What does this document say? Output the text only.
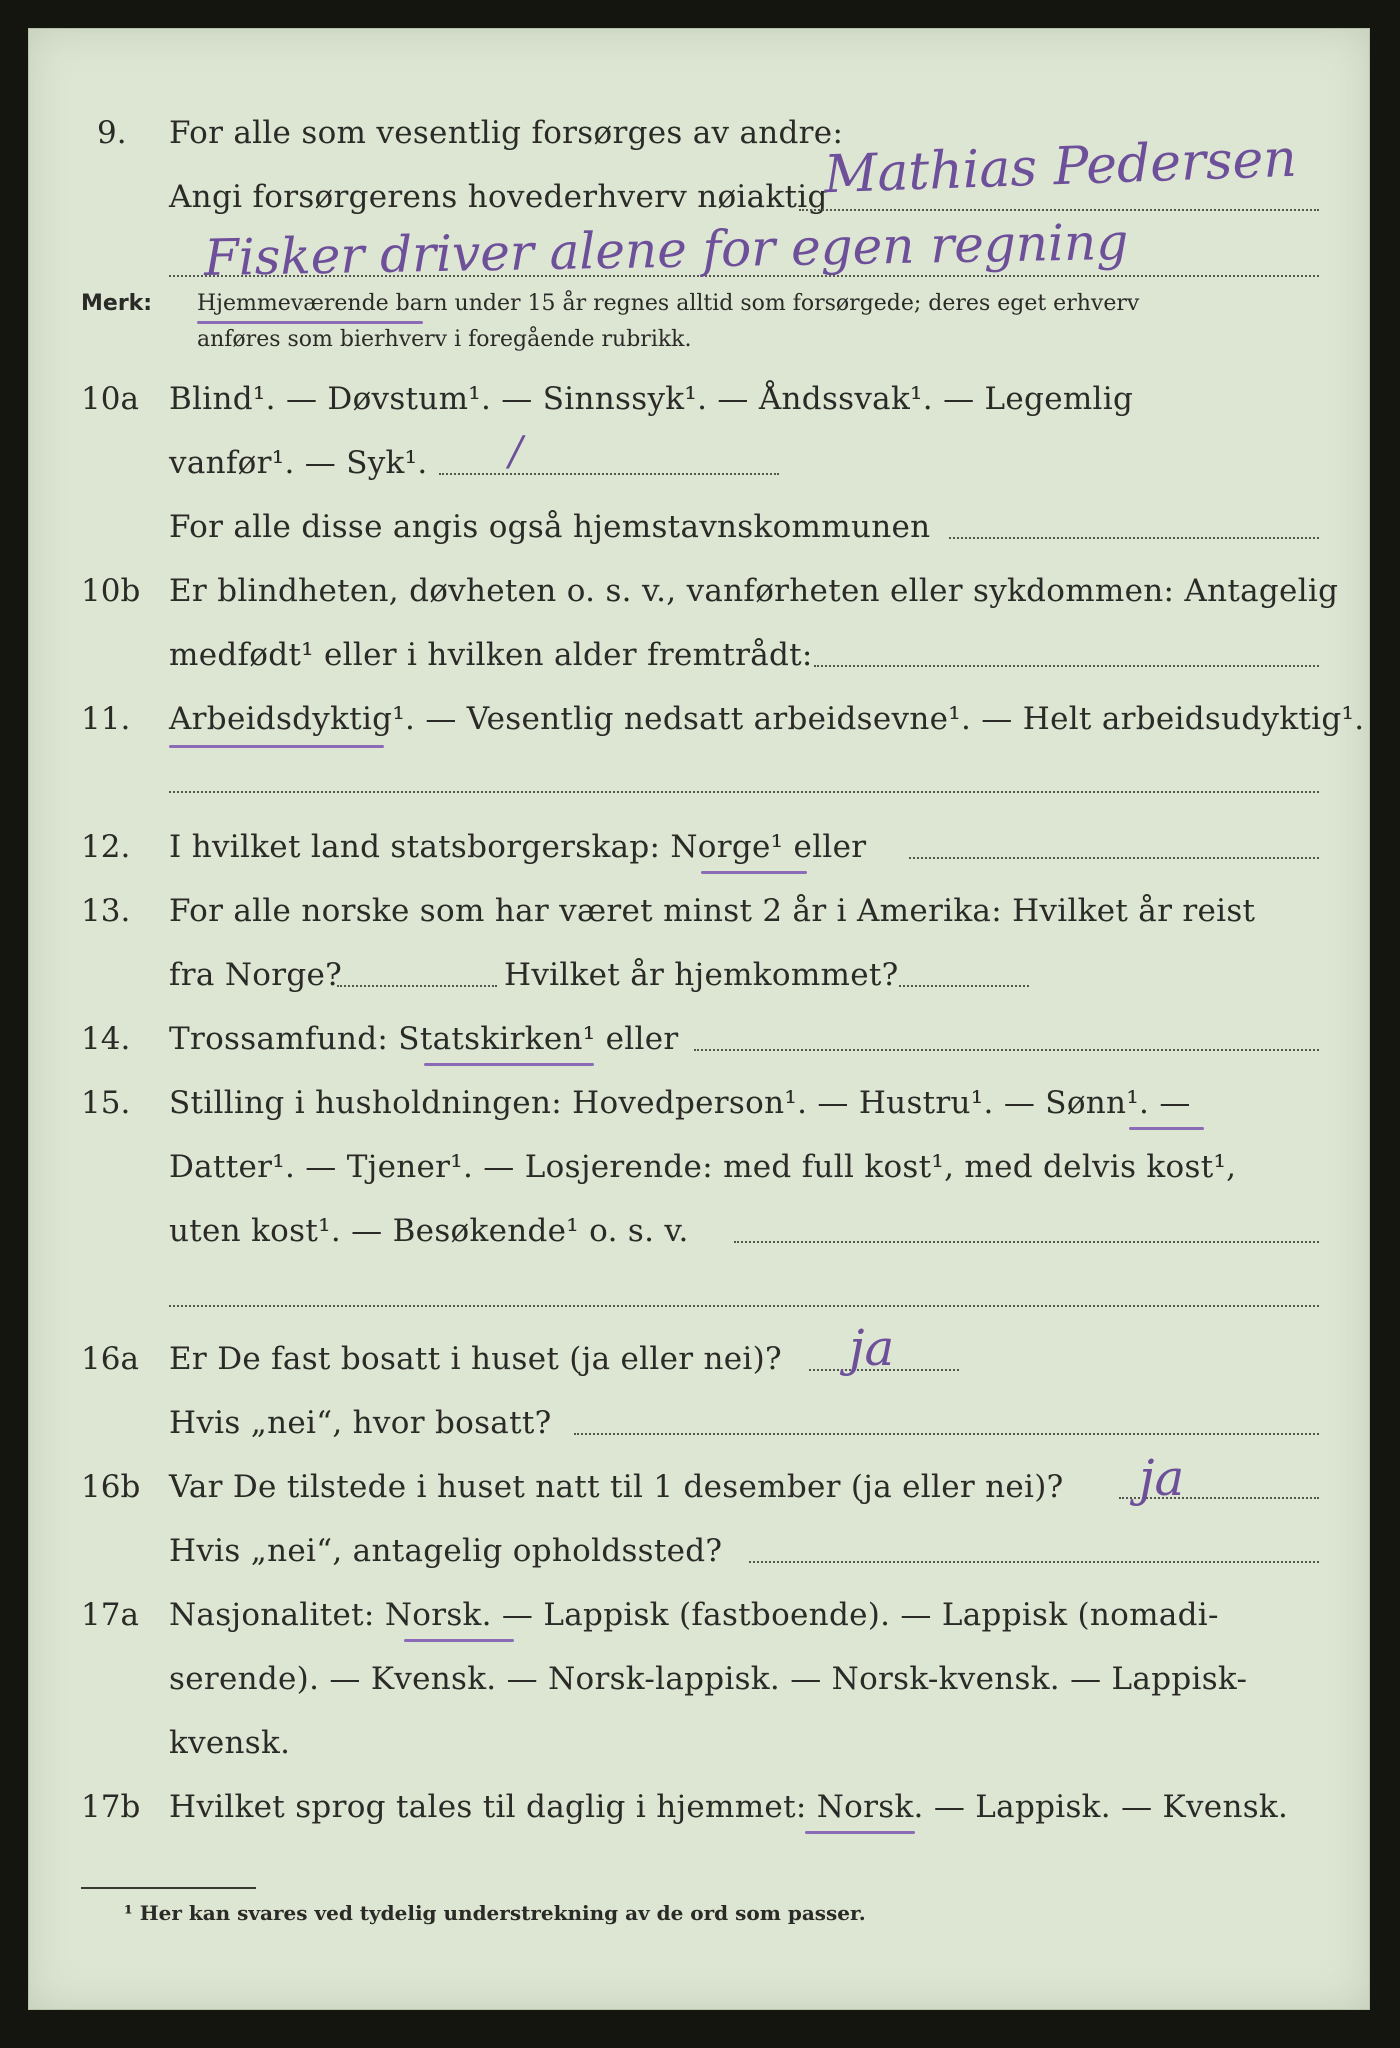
9. For alle som vesentlig forsørges av andre:
Angi forsørgerens hovederhverv nøiaktig
Mathias Pedersen
Fisker driver alene for egen regning
Merk: Hjemmeværende barn under 15 år regnes alltid som forsørgede; deres eget erhverv
anføres som bierhverv i foregående rubrikk.
10a Blind¹. — Døvstum¹. — Sinnssyk¹. — Åndssvak¹. — Legemlig
vanfør¹. — Syk¹. /
For alle disse angis også hjemstavnskommunen
10b Er blindheten, døvheten o. s. v., vanførheten eller sykdommen: Antagelig
medfødt¹ eller i hvilken alder fremtrådt:
11. Arbeidsdyktig¹. — Vesentlig nedsatt arbeidsevne¹. — Helt arbeidsudyktig¹.
12. I hvilket land statsborgerskap: Norge¹ eller
13. For alle norske som har været minst 2 år i Amerika: Hvilket år reist
fra Norge?	Hvilket år hjemkommet?
14. Trossamfund: Statskirken¹ eller
15. Stilling i husholdningen: Hovedperson¹. — Hustru¹. — Sønn¹. —
Datter¹. — Tjener¹. — Losjerende: med full kost¹, med delvis kost¹,
uten kost¹. — Besøkende¹ o. s. v.
16a Er De fast bosatt i huset (ja eller nei)? ja
Hvis „nei“, hvor bosatt?
16b Var De tilstede i huset natt til 1 desember (ja eller nei)? ja
Hvis „nei“, antagelig opholdssted?
17a Nasjonalitet: Norsk. — Lappisk (fastboende). — Lappisk (nomadi-
serende). — Kvensk. — Norsk-lappisk. — Norsk-kvensk. — Lappisk-
kvensk.
17b Hvilket sprog tales til daglig i hjemmet: Norsk. — Lappisk. — Kvensk.
¹ Her kan svares ved tydelig understrekning av de ord som passer.
